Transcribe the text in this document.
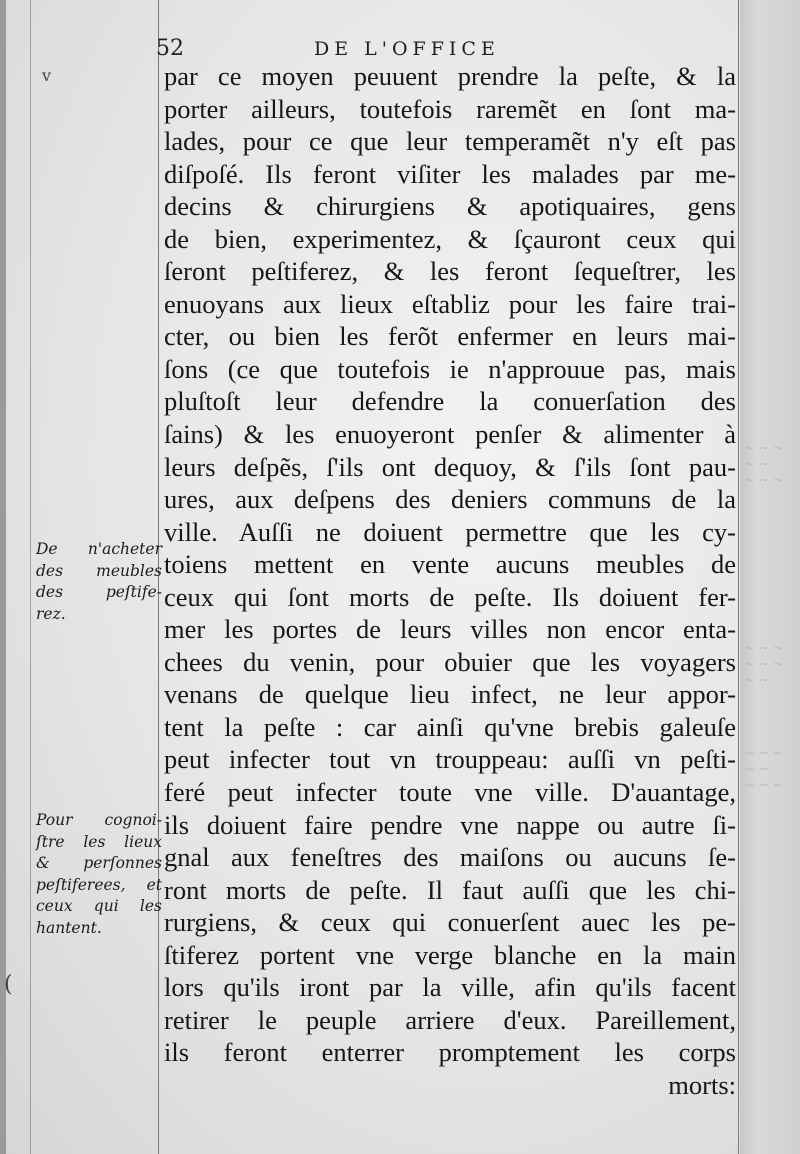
~ ~ ~
~ ~
~ ~ ~
~ ~ ~
~ ~ ~
~ ~
~ ~ ~
~ ~
~ ~ ~
52	DE L'OFFICE
par ce moyen peuuent prendre la peſte, & la
porter ailleurs, toutefois raremẽt en ſont ma-
lades, pour ce que leur temperamẽt n'y eſt pas
diſpoſé. Ils feront viſiter les malades par me-
decins & chirurgiens & apotiquaires, gens
de bien, experimentez, & ſçauront ceux qui
ſeront peſtiferez, & les feront ſequeſtrer, les
enuoyans aux lieux eſtabliz pour les faire trai-
cter, ou bien les ferõt enfermer en leurs mai-
ſons (ce que toutefois ie n'approuue pas, mais
pluſtoſt leur defendre la conuerſation des
ſains) & les enuoyeront penſer & alimenter à
leurs deſpẽs, ſ'ils ont dequoy, & ſ'ils ſont pau-
ures, aux deſpens des deniers communs de la
ville. Auſſi ne doiuent permettre que les cy-
toiens mettent en vente aucuns meubles de
ceux qui ſont morts de peſte. Ils doiuent fer-
mer les portes de leurs villes non encor enta-
chees du venin, pour obuier que les voyagers
venans de quelque lieu infect, ne leur appor-
tent la peſte : car ainſi qu'vne brebis galeuſe
peut infecter tout vn trouppeau: auſſi vn peſti-
feré peut infecter toute vne ville. D'auantage,
ils doiuent faire pendre vne nappe ou autre ſi-
gnal aux feneſtres des maiſons ou aucuns ſe-
ront morts de peſte. Il faut auſſi que les chi-
rurgiens, & ceux qui conuerſent auec les pe-
ſtiferez portent vne verge blanche en la main
lors qu'ils iront par la ville, afin qu'ils facent
retirer le peuple arriere d'eux. Pareillement,
ils feront enterrer promptement les corps
morts:
De n'acheter
des meubles
des peſtife-
rez.
Pour cognoi-
ſtre les lieux
& perſonnes
peſtiferees, et
ceux qui les
hantent.
v
(
